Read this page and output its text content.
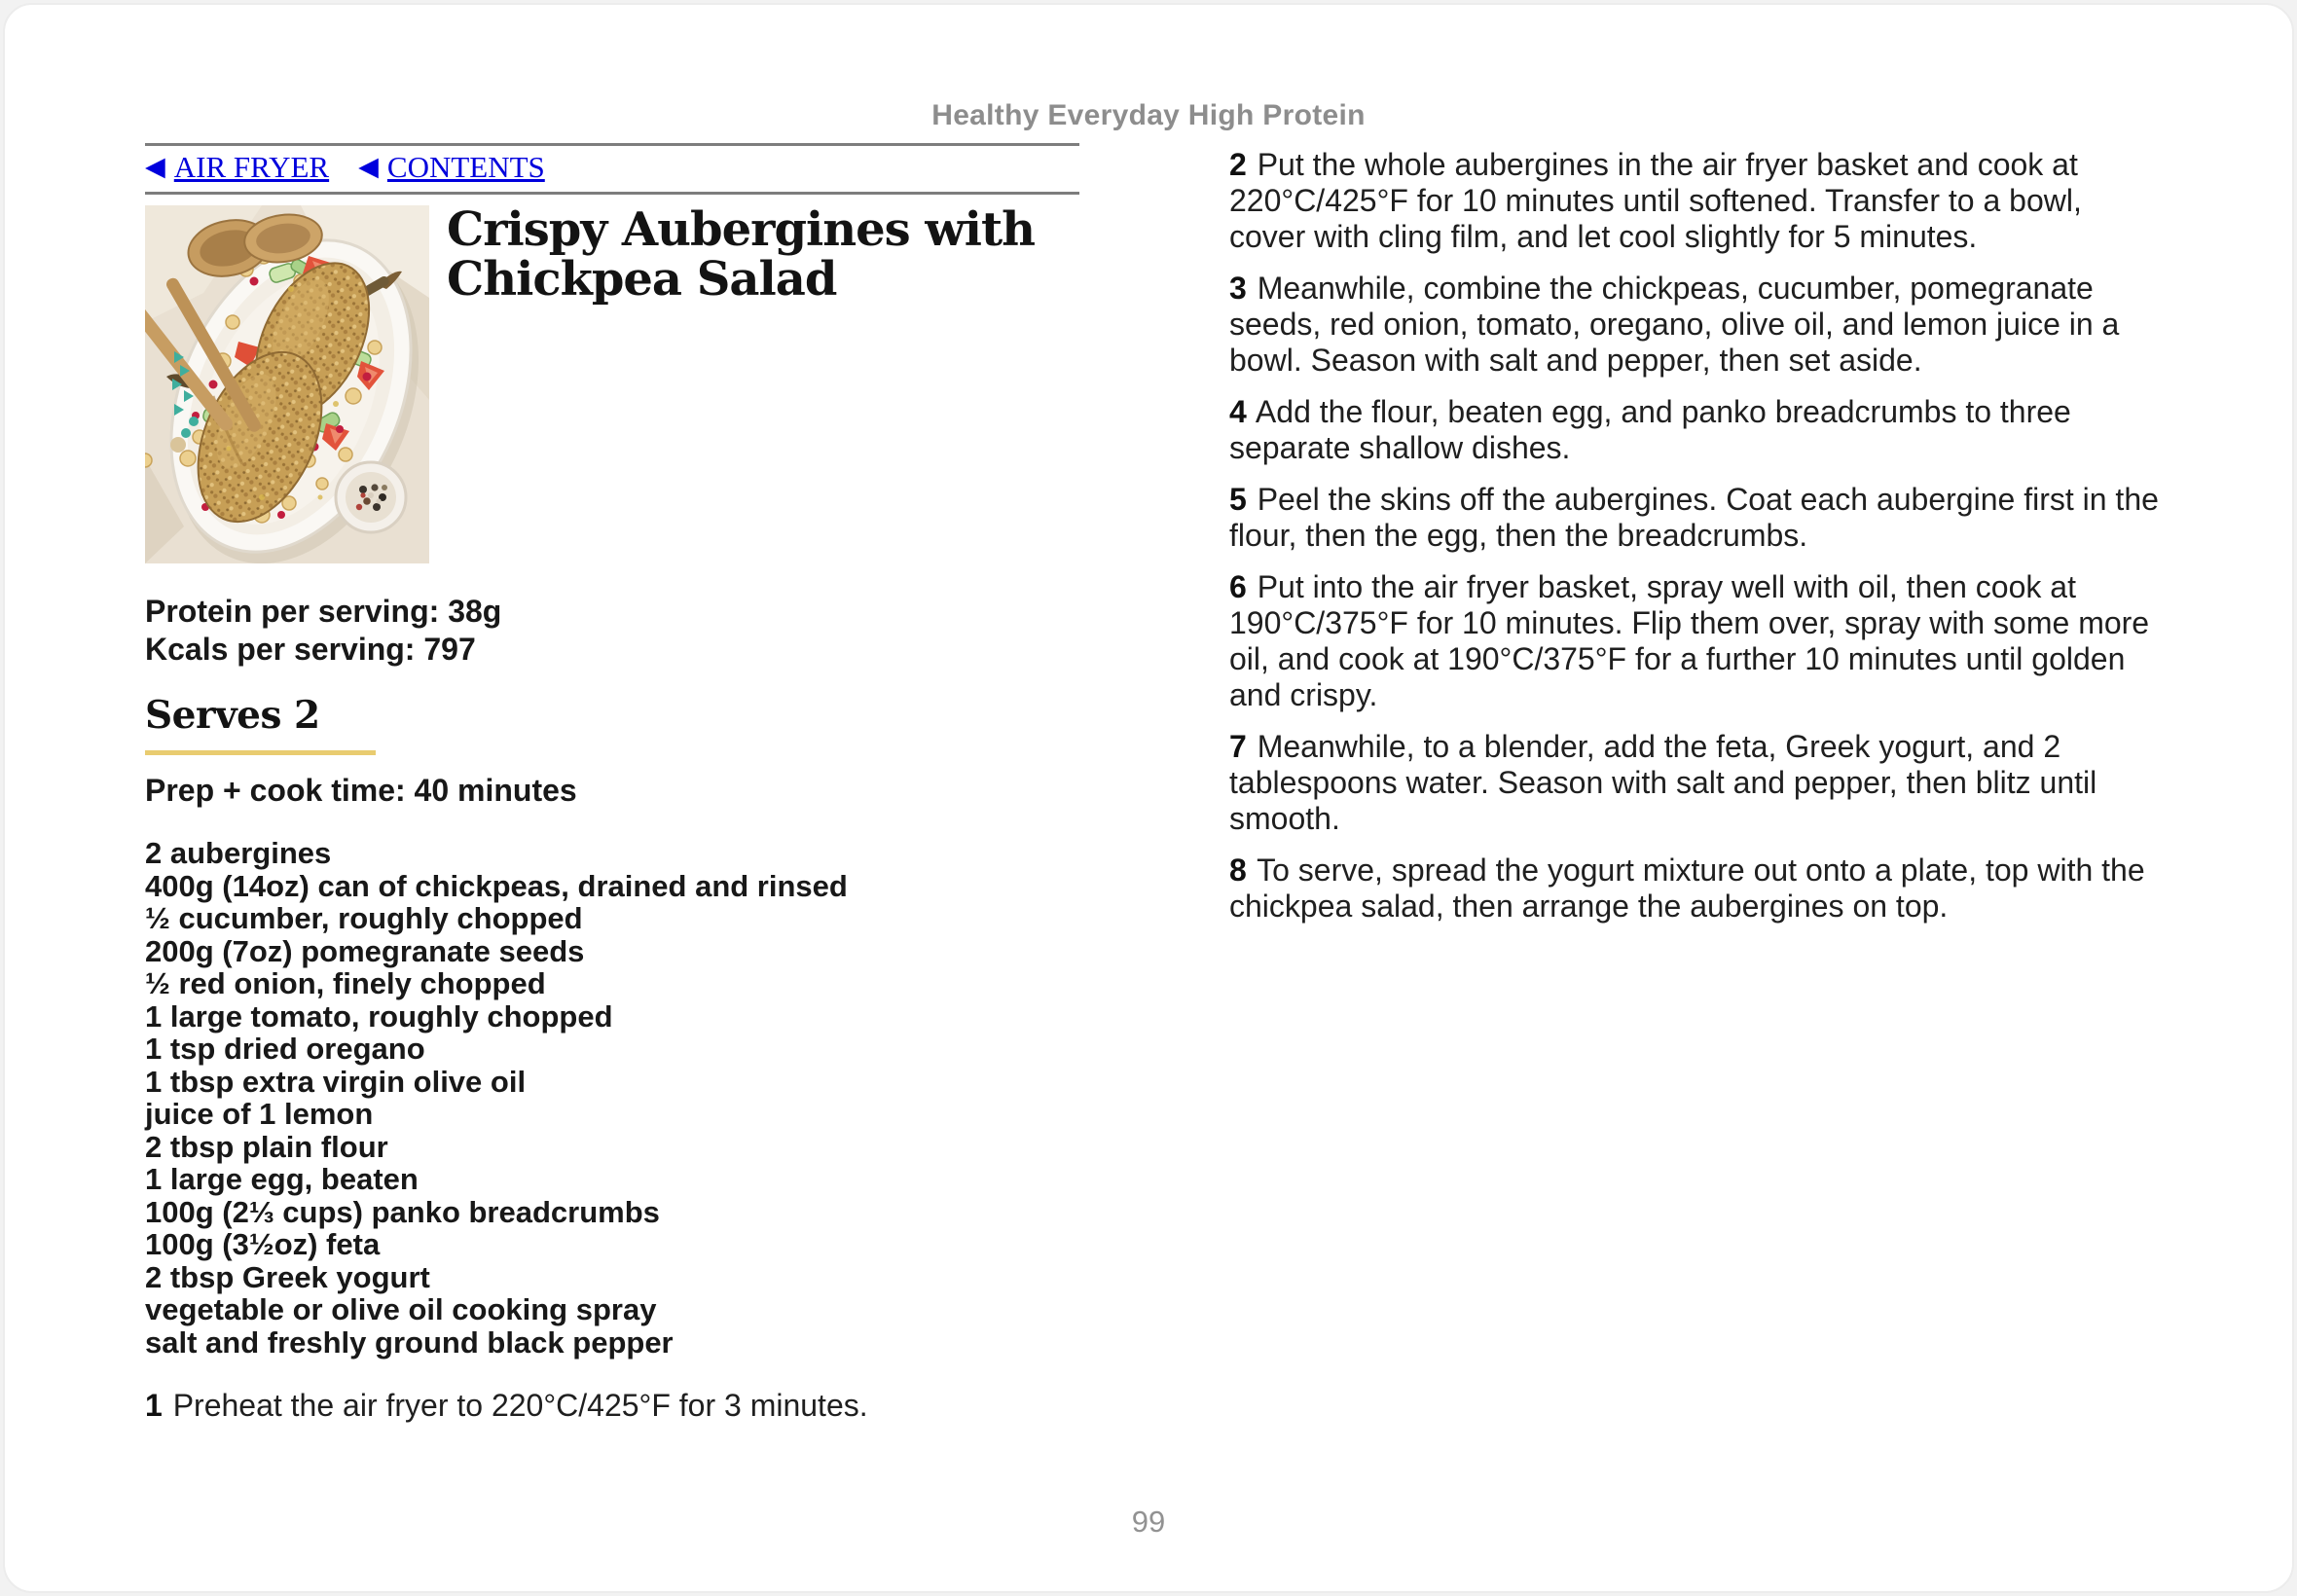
Healthy Everyday High Protein
◀ AIR FRYER ◀ CONTENTS
Crispy Aubergines with Chickpea Salad
Protein per serving: 38g
Kcals per serving: 797
Serves 2
Prep + cook time: 40 minutes
2 aubergines
400g (14oz) can of chickpeas, drained and rinsed
½ cucumber, roughly chopped
200g (7oz) pomegranate seeds
½ red onion, finely chopped
1 large tomato, roughly chopped
1 tsp dried oregano
1 tbsp extra virgin olive oil
juice of 1 lemon
2 tbsp plain flour
1 large egg, beaten
100g (2⅓ cups) panko breadcrumbs
100g (3½oz) feta
2 tbsp Greek yogurt
vegetable or olive oil cooking spray
salt and freshly ground black pepper

1 Preheat the air fryer to 220°C/425°F for 3 minutes.

2 Put the whole aubergines in the air fryer basket and cook at 220°C/425°F for 10 minutes until softened. Transfer to a bowl, cover with cling film, and let cool slightly for 5 minutes.

3 Meanwhile, combine the chickpeas, cucumber, pomegranate seeds, red onion, tomato, oregano, olive oil, and lemon juice in a bowl. Season with salt and pepper, then set aside.

4 Add the flour, beaten egg, and panko breadcrumbs to three separate shallow dishes.

5 Peel the skins off the aubergines. Coat each aubergine first in the flour, then the egg, then the breadcrumbs.

6 Put into the air fryer basket, spray well with oil, then cook at 190°C/375°F for 10 minutes. Flip them over, spray with some more oil, and cook at 190°C/375°F for a further 10 minutes until golden and crispy.

7 Meanwhile, to a blender, add the feta, Greek yogurt, and 2 tablespoons water. Season with salt and pepper, then blitz until smooth.

8 To serve, spread the yogurt mixture out onto a plate, top with the chickpea salad, then arrange the aubergines on top.

99
